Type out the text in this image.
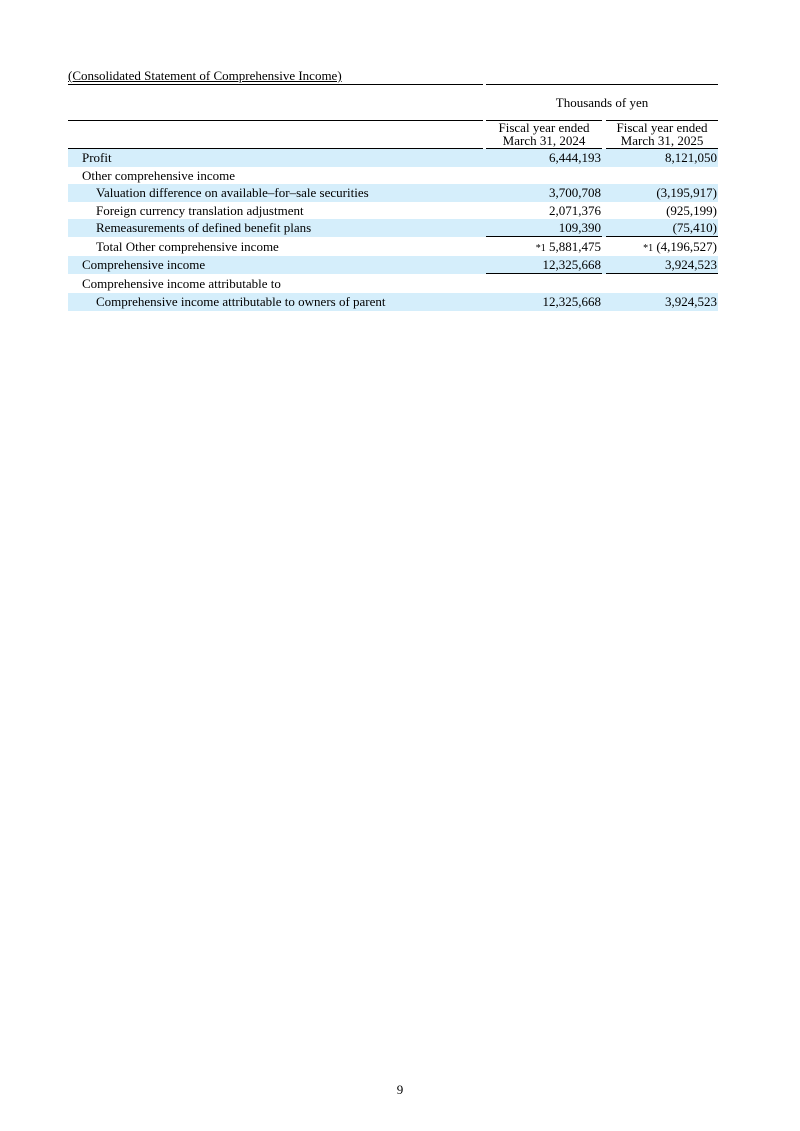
(Consolidated Statement of Comprehensive Income)
Thousands of yen
Fiscal year ended
March 31, 2024
Fiscal year ended
March 31, 2025
Profit	6,444,193	8,121,050
Other comprehensive income
Valuation difference on available–for–sale securities	3,700,708	(3,195,917)
Foreign currency translation adjustment	2,071,376	(925,199)
Remeasurements of defined benefit plans	109,390	(75,410)
Total Other comprehensive income	*1 5,881,475	*1 (4,196,527)
Comprehensive income	12,325,668	3,924,523
Comprehensive income attributable to
Comprehensive income attributable to owners of parent	12,325,668	3,924,523
9
